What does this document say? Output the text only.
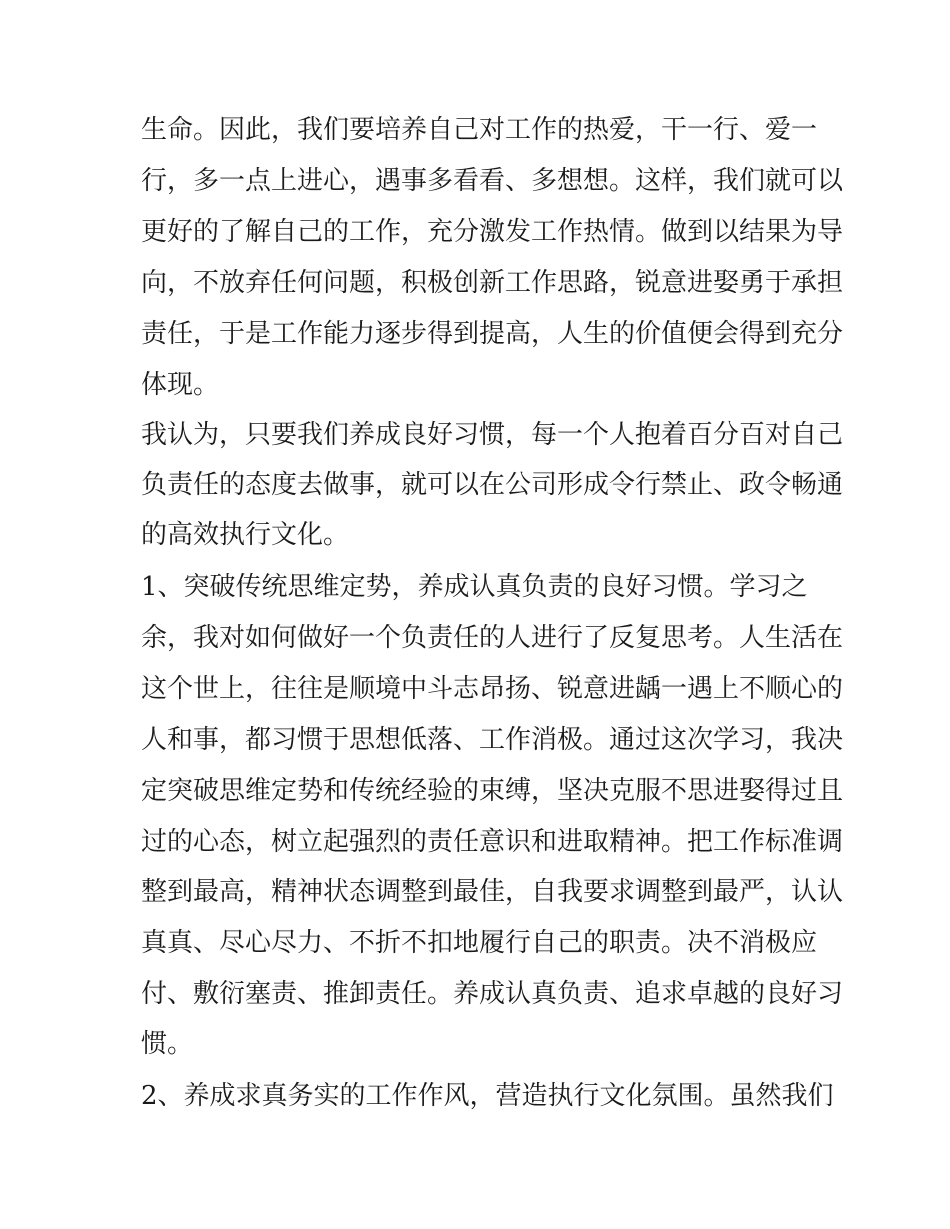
生命。因此，我们要培养自己对工作的热爱，干一行、爱一
行，多一点上进心，遇事多看看、多想想。这样，我们就可以
更好的了解自己的工作，充分激发工作热情。做到以结果为导
向，不放弃任何问题，积极创新工作思路，锐意进娶勇于承担
责任，于是工作能力逐步得到提高，人生的价值便会得到充分
体现。
我认为，只要我们养成良好习惯，每一个人抱着百分百对自己
负责任的态度去做事，就可以在公司形成令行禁止、政令畅通
的高效执行文化。
1、突破传统思维定势，养成认真负责的良好习惯。学习之
余，我对如何做好一个负责任的人进行了反复思考。人生活在
这个世上，往往是顺境中斗志昂扬、锐意进龋一遇上不顺心的
人和事，都习惯于思想低落、工作消极。通过这次学习，我决
定突破思维定势和传统经验的束缚，坚决克服不思进娶得过且
过的心态，树立起强烈的责任意识和进取精神。把工作标准调
整到最高，精神状态调整到最佳，自我要求调整到最严，认认
真真、尽心尽力、不折不扣地履行自己的职责。决不消极应
付、敷衍塞责、推卸责任。养成认真负责、追求卓越的良好习
惯。
2、养成求真务实的工作作风，营造执行文化氛围。虽然我们
